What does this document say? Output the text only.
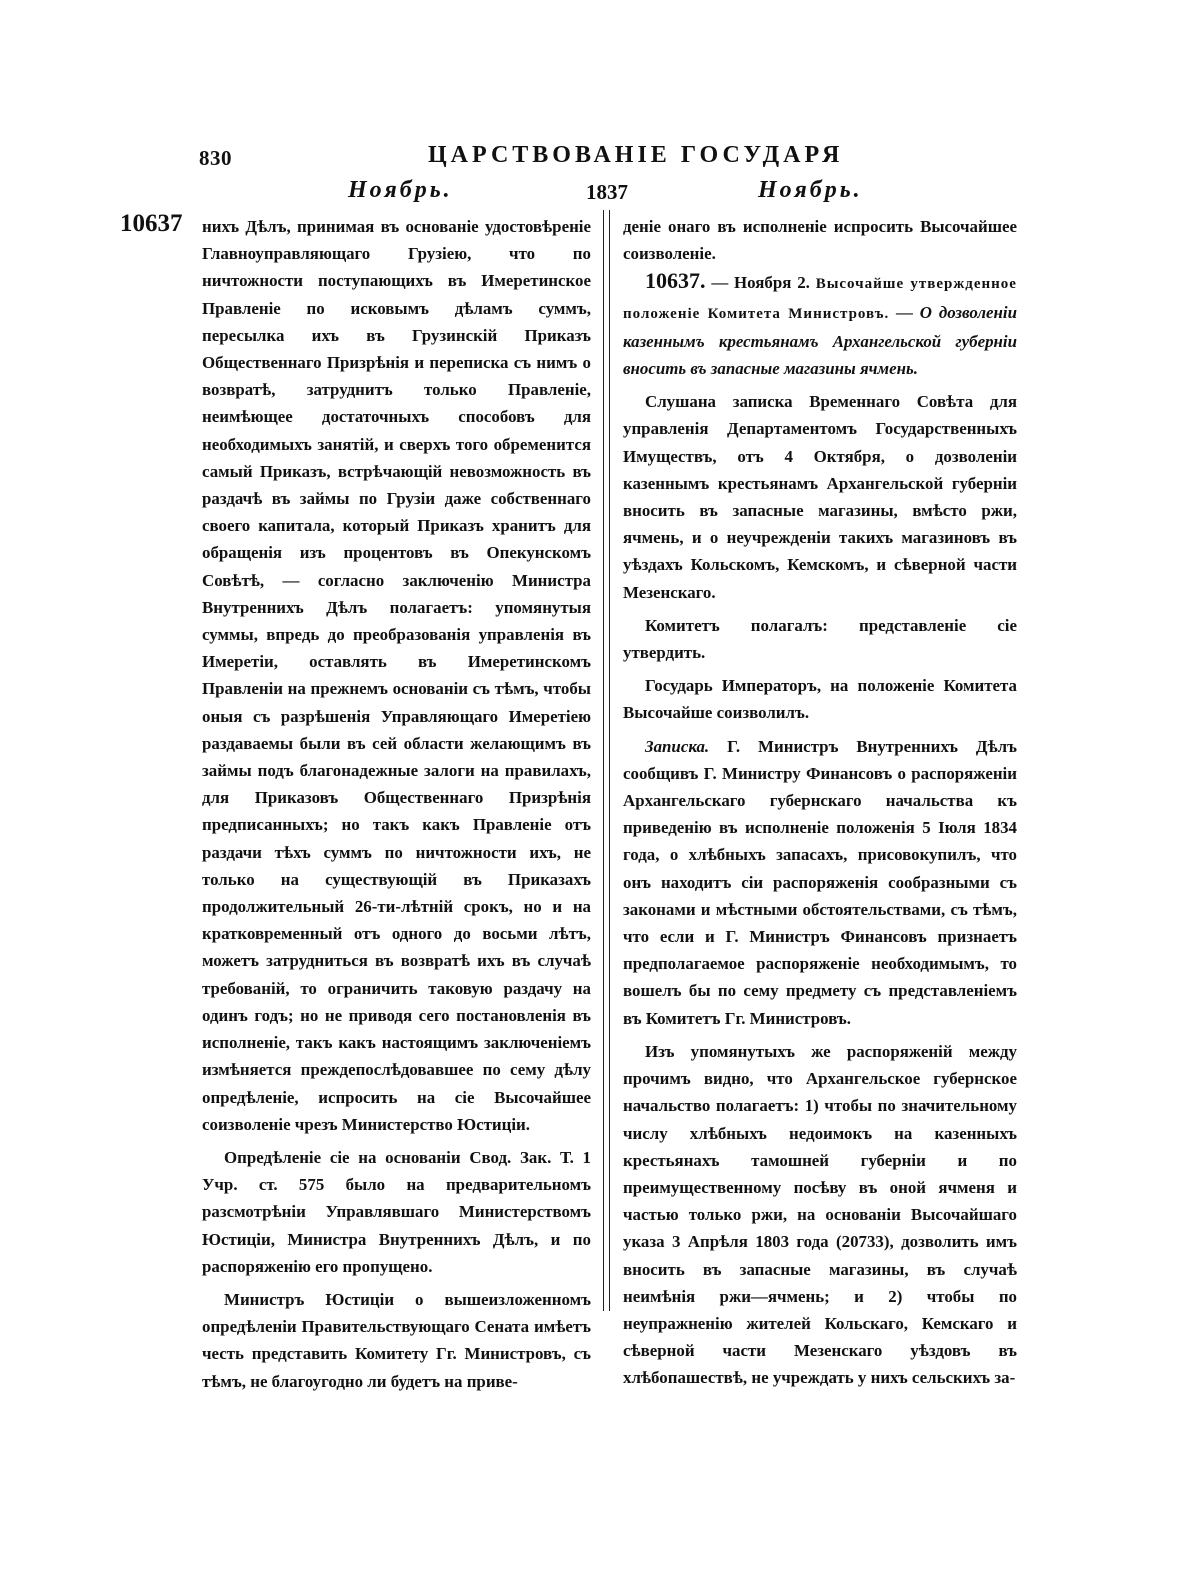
830	ЦАРСТВОВАНІЕ ГОСУДАРЯ
Ноябрь.	1837	Ноябрь.
10637 нихъ Дѣлъ, принимая въ основаніе удостовѣреніе Главноуправляющаго Грузіею, что по ничтожности поступающихъ въ Имеретинское Правленіе по исковымъ дѣламъ суммъ, пересылка ихъ въ Грузинскій Приказъ Общественнаго Призрѣнія и переписка съ нимъ о возвратѣ, затруднитъ только Правленіе, неимѣющее достаточныхъ способовъ для необходимыхъ занятій, и сверхъ того обременится самый Приказъ, встрѣчающій невозможность въ раздачѣ въ займы по Грузіи даже собственнаго своего капитала, который Приказъ хранитъ для обращенія изъ процентовъ въ Опекунскомъ Совѣтѣ, — согласно заключенію Министра Внутреннихъ Дѣлъ полагаетъ: упомянутыя суммы, впредь до преобразованія управленія въ Имеретіи, оставлять въ Имеретинскомъ Правленіи на прежнемъ основаніи съ тѣмъ, чтобы оныя съ разрѣшенія Управляющаго Имеретіею раздаваемы были въ сей области желающимъ въ займы подъ благонадежные залоги на правилахъ, для Приказовъ Общественнаго Призрѣнія предписанныхъ; но такъ какъ Правленіе отъ раздачи тѣхъ суммъ по ничтожности ихъ, не только на существующій въ Приказахъ продолжительный 26-ти-лѣтній срокъ, но и на кратковременный отъ одного до восьми лѣтъ, можетъ затрудниться въ возвратѣ ихъ въ случаѣ требованій, то ограничить таковую раздачу на одинъ годъ; но не приводя сего постановленія въ исполненіе, такъ какъ настоящимъ заключеніемъ измѣняется преждепослѣдовавшее по сему дѣлу опредѣленіе, испросить на сіе Высочайшее соизволеніе чрезъ Министерство Юстиціи.

Опредѣленіе сіе на основаніи Свод. Зак. Т. 1 Учр. ст. 575 было на предварительномъ разсмотрѣніи Управлявшаго Министерствомъ Юстиціи, Министра Внутреннихъ Дѣлъ, и по распоряженію его пропущено.

Министръ Юстиціи о вышеизложенномъ опредѣленіи Правительствующаго Сената имѣетъ честь представить Комитету Гг. Министровъ, съ тѣмъ, не благоугодно ли будетъ на приве-

деніе онаго въ исполненіе испросить Высочайшее соизволеніе.

10637. — Ноября 2. Высочайше утвержденное положеніе Комитета Министровъ. — О дозволеніи казеннымъ крестьянамъ Архангельской губерніи вносить въ запасные магазины ячмень.

Слушана записка Временнаго Совѣта для управленія Департаментомъ Государственныхъ Имуществъ, отъ 4 Октября, о дозволеніи казеннымъ крестьянамъ Архангельской губерніи вносить въ запасные магазины, вмѣсто ржи, ячмень, и о неучрежденіи такихъ магазиновъ въ уѣздахъ Кольскомъ, Кемскомъ, и сѣверной части Мезенскаго.

Комитетъ полагалъ: представленіе сіе утвердить.

Государь Императоръ, на положеніе Комитета Высочайше соизволилъ.

Записка. Г. Министръ Внутреннихъ Дѣлъ сообщивъ Г. Министру Финансовъ о распоряженіи Архангельскаго губернскаго начальства къ приведенію въ исполненіе положенія 5 Іюля 1834 года, о хлѣбныхъ запасахъ, присовокупилъ, что онъ находитъ сіи распоряженія сообразными съ законами и мѣстными обстоятельствами, съ тѣмъ, что если и Г. Министръ Финансовъ признаетъ предполагаемое распоряженіе необходимымъ, то вошелъ бы по сему предмету съ представленіемъ въ Комитетъ Гг. Министровъ.

Изъ упомянутыхъ же распоряженій между прочимъ видно, что Архангельское губернское начальство полагаетъ: 1) чтобы по значительному числу хлѣбныхъ недоимокъ на казенныхъ крестьянахъ тамошней губерніи и по преимущественному посѣву въ оной ячменя и частью только ржи, на основаніи Высочайшаго указа 3 Апрѣля 1803 года (20733), дозволить имъ вносить въ запасные магазины, въ случаѣ неимѣнія ржи—ячмень; и 2) чтобы по неупражненію жителей Кольскаго, Кемскаго и сѣверной части Мезенскаго уѣздовъ въ хлѣбопашествѣ, не учреждать у нихъ сельскихъ за-
